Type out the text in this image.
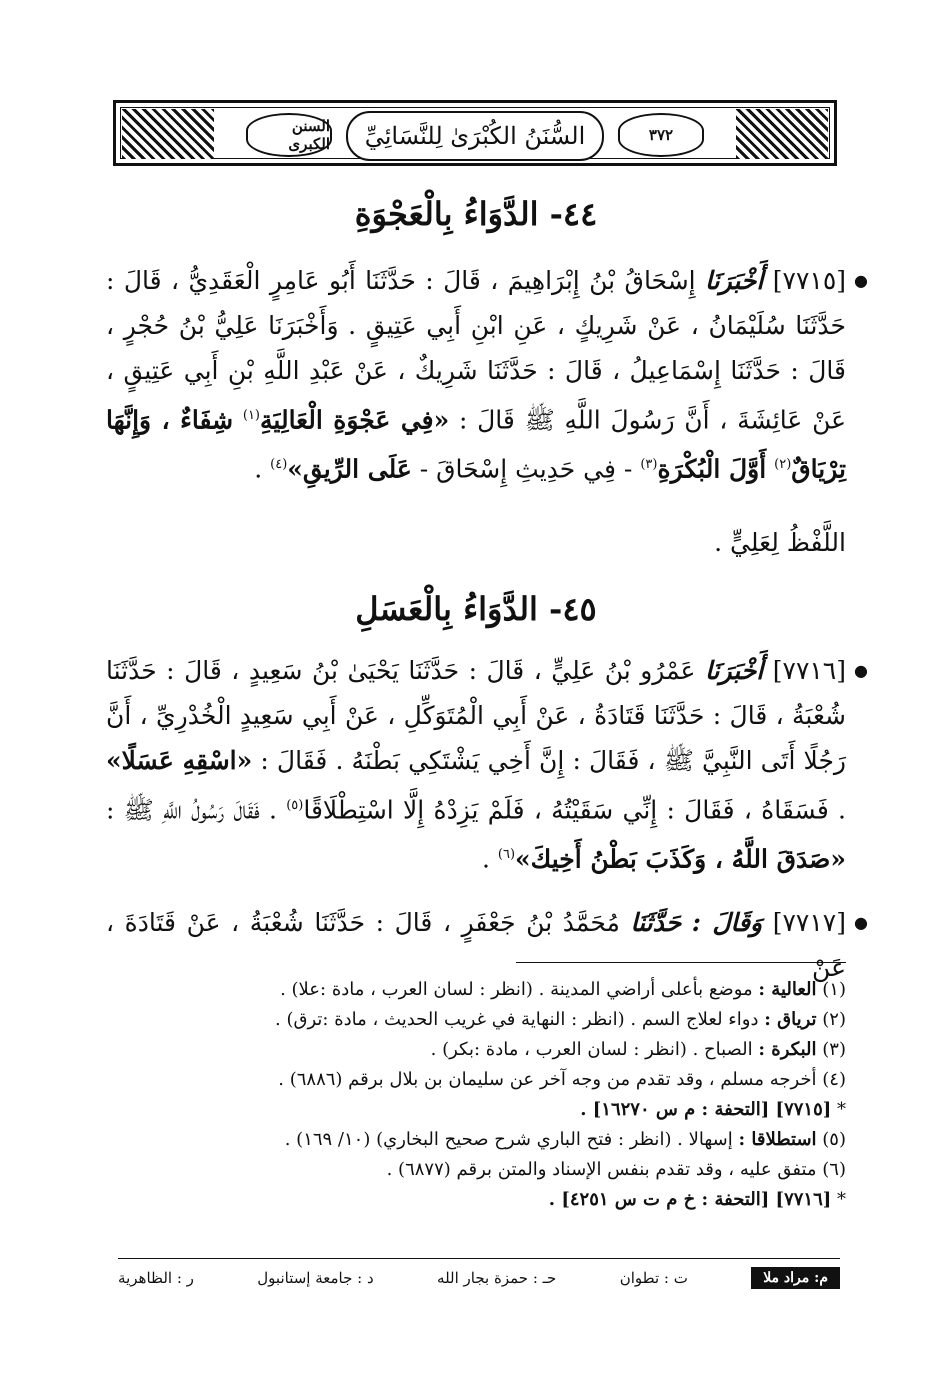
٣٧٢
السنن الكبرى	السُّنَنُ الكُبْرَىٰ لِلنَّسَائِيِّ
٤٤- الدَّوَاءُ بِالْعَجْوَةِ
●
[٧٧١٥] أَخْبَرَنَا إِسْحَاقُ بْنُ إِبْرَاهِيمَ ، قَالَ : حَدَّثَنَا أَبُو عَامِرٍ الْعَقَدِيُّ ، قَالَ : حَدَّثَنَا سُلَيْمَانُ ، عَنْ شَرِيكٍ ، عَنِ ابْنِ أَبِي عَتِيقٍ . وَأَخْبَرَنَا عَلِيُّ بْنُ حُجْرٍ ، قَالَ : حَدَّثَنَا إِسْمَاعِيلُ ، قَالَ : حَدَّثَنَا شَرِيكٌ ، عَنْ عَبْدِ اللَّهِ بْنِ أَبِي عَتِيقٍ ، عَنْ عَائِشَةَ ، أَنَّ رَسُولَ اللَّهِ ﷺ قَالَ : «فِي عَجْوَةِ الْعَالِيَةِ$^{(١)}$ شِفَاءٌ ، وَإِنَّهَا تِرْيَاقٌ$^{(٢)}$ أَوَّلَ الْبُكْرَةِ$^{(٣)}$ - فِي حَدِيثِ إِسْحَاقَ - عَلَى الرِّيقِ»$^{(٤)}$ .
اللَّفْظُ لِعَلِيٍّ .
٤٥- الدَّوَاءُ بِالْعَسَلِ
●
[٧٧١٦] أَخْبَرَنَا عَمْرُو بْنُ عَلِيٍّ ، قَالَ : حَدَّثَنَا يَحْيَىٰ بْنُ سَعِيدٍ ، قَالَ : حَدَّثَنَا شُعْبَةُ ، قَالَ : حَدَّثَنَا قَتَادَةُ ، عَنْ أَبِي الْمُتَوَكِّلِ ، عَنْ أَبِي سَعِيدٍ الْخُدْرِيِّ ، أَنَّ رَجُلًا أَتَى النَّبِيَّ ﷺ ، فَقَالَ : إِنَّ أَخِي يَشْتَكِي بَطْنَهُ . فَقَالَ : «اسْقِهِ عَسَلًا» . فَسَقَاهُ ، فَقَالَ : إِنِّي سَقَيْتُهُ ، فَلَمْ يَزِدْهُ إِلَّا اسْتِطْلَاقًا$^{(٥)}$ . فَقَالَ رَسُولُ اللَّهِ ﷺ : «صَدَقَ اللَّهُ ، وَكَذَبَ بَطْنُ أَخِيكَ»$^{(٦)}$ .
●
[٧٧١٧] وَقَالَ : حَدَّثَنَا مُحَمَّدُ بْنُ جَعْفَرٍ ، قَالَ : حَدَّثَنَا شُعْبَةُ ، عَنْ قَتَادَةَ ، عَنْ
(١) العالية : موضع بأعلى أراضي المدينة . (انظر : لسان العرب ، مادة :علا) .
(٢) ترياق : دواء لعلاج السم . (انظر : النهاية في غريب الحديث ، مادة :ترق) .
(٣) البكرة : الصباح . (انظر : لسان العرب ، مادة :بكر) .
(٤) أخرجه مسلم ، وقد تقدم من وجه آخر عن سليمان بن بلال برقم (٦٨٨٦) .
* [٧٧١٥] [التحفة : م س ١٦٢٧٠] .
(٥) استطلاقا : إسهالا . (انظر : فتح الباري شرح صحيح البخاري) (١٠/ ١٦٩) .
(٦) متفق عليه ، وقد تقدم بنفس الإسناد والمتن برقم (٦٨٧٧) .
* [٧٧١٦] [التحفة : خ م ت س ٤٢٥١] .
م: مراد ملا
ت : تطوان
حـ : حمزة بجار الله
د : جامعة إستانبول
ر : الظاهرية
